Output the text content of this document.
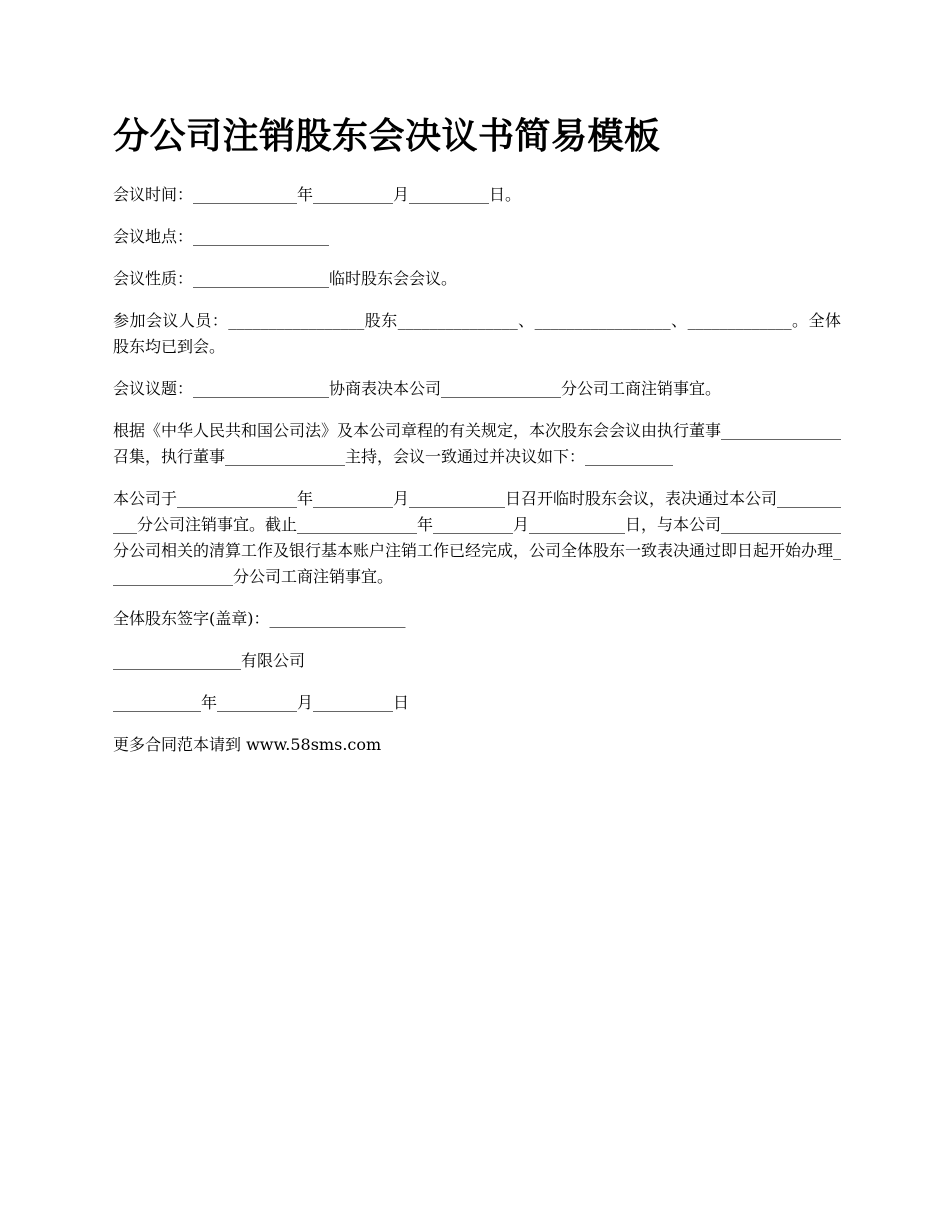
分公司注销股东会决议书简易模板

会议时间：_____________年__________月__________日。

会议地点：_________________

会议性质：_________________临时股东会会议。

参加会议人员：_________________股东_______________、_________________、_____________。全体股东均已到会。

会议议题：_________________协商表决本公司_______________分公司工商注销事宜。

根据《中华人民共和国公司法》及本公司章程的有关规定，本次股东会会议由执行董事_______________召集，执行董事_______________主持，会议一致通过并决议如下：___________

本公司于_______________年__________月____________日召开临时股东会议，表决通过本公司___________分公司注销事宜。截止_______________年__________月____________日，与本公司_______________分公司相关的清算工作及银行基本账户注销工作已经完成，公司全体股东一致表决通过即日起开始办理________________分公司工商注销事宜。

全体股东签字(盖章)：_________________

________________有限公司

___________年__________月__________日

更多合同范本请到 www.58sms.com
